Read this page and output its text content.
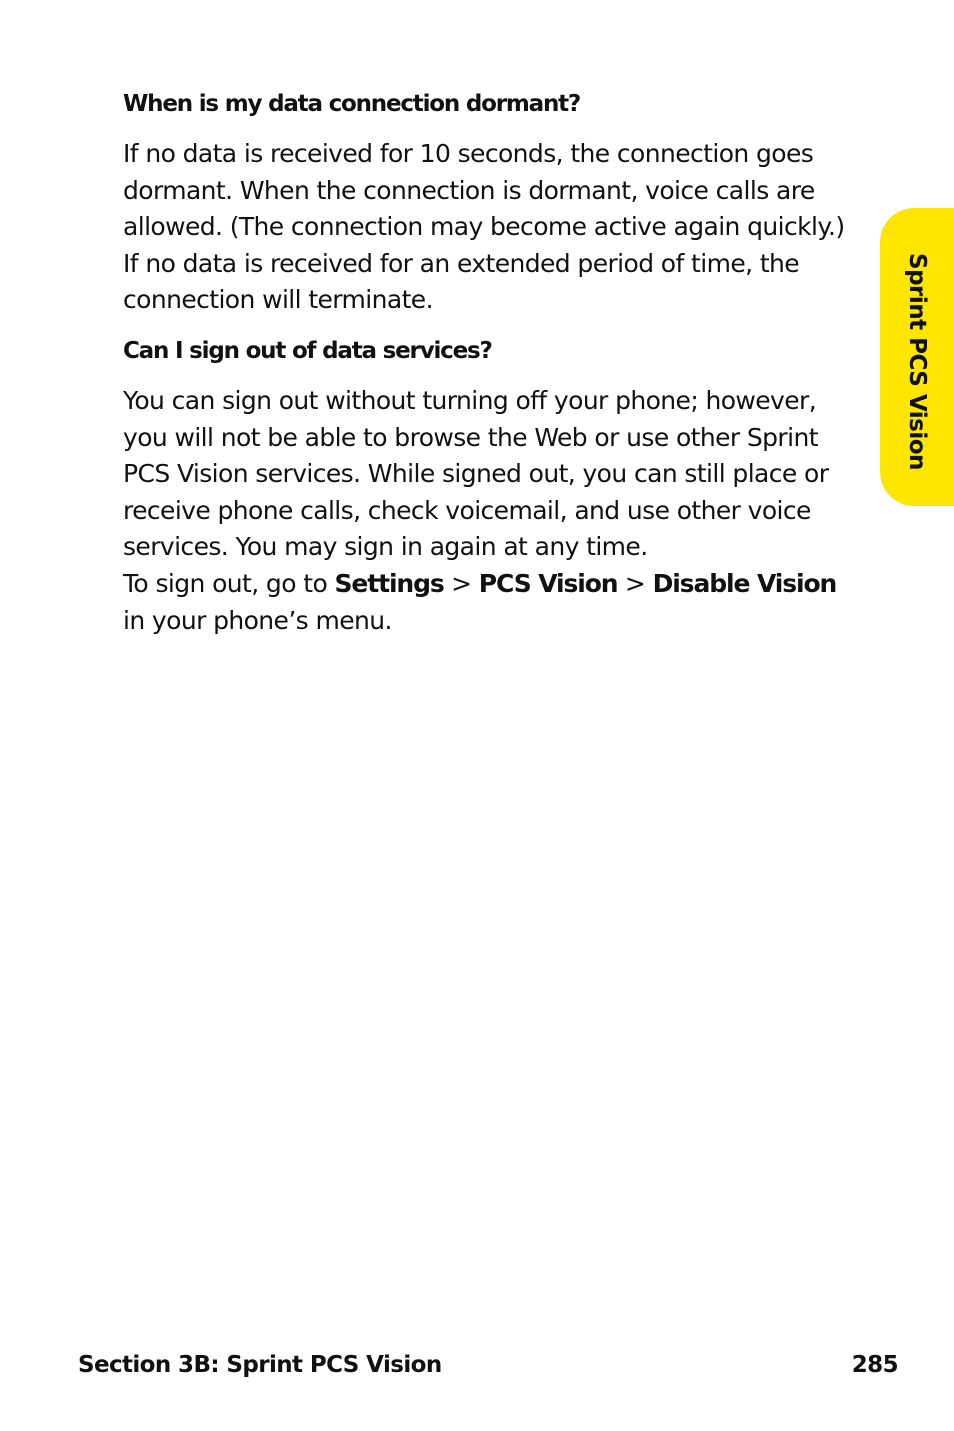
When is my data connection dormant?

If no data is received for 10 seconds, the connection goes dormant. When the connection is dormant, voice calls are allowed. (The connection may become active again quickly.) If no data is received for an extended period of time, the connection will terminate.

Can I sign out of data services?

You can sign out without turning off your phone; however, you will not be able to browse the Web or use other Sprint PCS Vision services. While signed out, you can still place or receive phone calls, check voicemail, and use other voice services. You may sign in again at any time.

To sign out, go to Settings > PCS Vision > Disable Vision in your phone’s menu.

Sprint PCS Vision
Section 3B: Sprint PCS Vision	285
